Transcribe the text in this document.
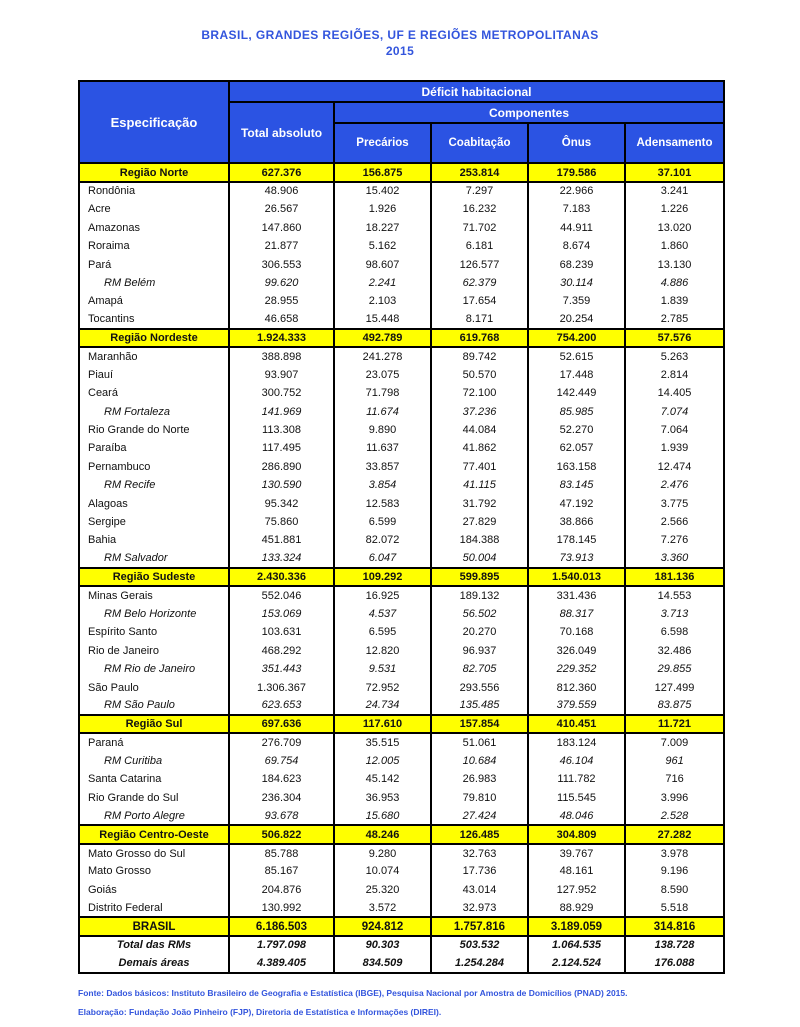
BRASIL, GRANDES REGIÕES, UF E REGIÕES METROPOLITANAS
2015
Especificação	Déficit habitacional				
	Total absoluto	Componentes			
		Precários	Coabitação	Ônus	Adensamento
Região Norte	627.376	156.875	253.814	179.586	37.101
Rondônia	48.906	15.402	7.297	22.966	3.241
Acre	26.567	1.926	16.232	7.183	1.226
Amazonas	147.860	18.227	71.702	44.911	13.020
Roraima	21.877	5.162	6.181	8.674	1.860
Pará	306.553	98.607	126.577	68.239	13.130
RM Belém	99.620	2.241	62.379	30.114	4.886
Amapá	28.955	2.103	17.654	7.359	1.839
Tocantins	46.658	15.448	8.171	20.254	2.785
Região Nordeste	1.924.333	492.789	619.768	754.200	57.576
Maranhão	388.898	241.278	89.742	52.615	5.263
Piauí	93.907	23.075	50.570	17.448	2.814
Ceará	300.752	71.798	72.100	142.449	14.405
RM Fortaleza	141.969	11.674	37.236	85.985	7.074
Rio Grande do Norte	113.308	9.890	44.084	52.270	7.064
Paraíba	117.495	11.637	41.862	62.057	1.939
Pernambuco	286.890	33.857	77.401	163.158	12.474
RM Recife	130.590	3.854	41.115	83.145	2.476
Alagoas	95.342	12.583	31.792	47.192	3.775
Sergipe	75.860	6.599	27.829	38.866	2.566
Bahia	451.881	82.072	184.388	178.145	7.276
RM Salvador	133.324	6.047	50.004	73.913	3.360
Região Sudeste	2.430.336	109.292	599.895	1.540.013	181.136
Minas Gerais	552.046	16.925	189.132	331.436	14.553
RM Belo Horizonte	153.069	4.537	56.502	88.317	3.713
Espírito Santo	103.631	6.595	20.270	70.168	6.598
Rio de Janeiro	468.292	12.820	96.937	326.049	32.486
RM Rio de Janeiro	351.443	9.531	82.705	229.352	29.855
São Paulo	1.306.367	72.952	293.556	812.360	127.499
RM São Paulo	623.653	24.734	135.485	379.559	83.875
Região Sul	697.636	117.610	157.854	410.451	11.721
Paraná	276.709	35.515	51.061	183.124	7.009
RM Curitiba	69.754	12.005	10.684	46.104	961
Santa Catarina	184.623	45.142	26.983	111.782	716
Rio Grande do Sul	236.304	36.953	79.810	115.545	3.996
RM Porto Alegre	93.678	15.680	27.424	48.046	2.528
Região Centro-Oeste	506.822	48.246	126.485	304.809	27.282
Mato Grosso do Sul	85.788	9.280	32.763	39.767	3.978
Mato Grosso	85.167	10.074	17.736	48.161	9.196
Goiás	204.876	25.320	43.014	127.952	8.590
Distrito Federal	130.992	3.572	32.973	88.929	5.518
BRASIL	6.186.503	924.812	1.757.816	3.189.059	314.816
Total das RMs	1.797.098	90.303	503.532	1.064.535	138.728
Demais áreas	4.389.405	834.509	1.254.284	2.124.524	176.088
Fonte: Dados básicos: Instituto Brasileiro de Geografia e Estatística (IBGE), Pesquisa Nacional por Amostra de Domicílios (PNAD) 2015.
Elaboração: Fundação João Pinheiro (FJP), Diretoria de Estatística e Informações (DIREI).
